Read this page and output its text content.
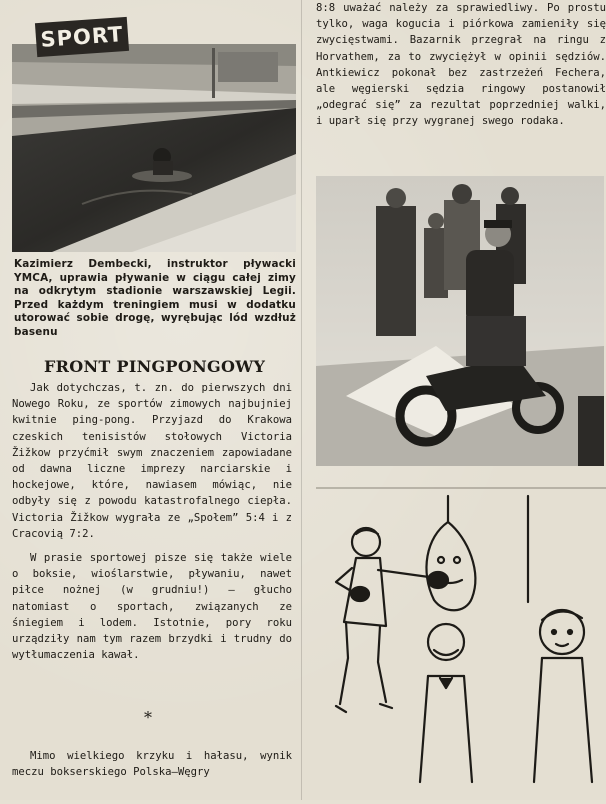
SPORT
Kazimierz Dembecki, instruktor pływacki YMCA, uprawia pływanie w ciągu całej zimy na odkrytym stadionie warszawskiej Legii. Przed każdym treningiem musi w dodatku utorować sobie drogę, wyrębując lód wzdłuż basenu
FRONT PINGPONGOWY

Jak dotychczas, t. zn. do pierwszych dni Nowego Roku, ze sportów zimowych najbujniej kwitnie ping-pong. Przyjazd do Krakowa czeskich tenisistów stołowych Victoria Žižkow przyćmił swym znaczeniem zapowiadane od dawna liczne imprezy narciarskie i hockejowe, które, nawiasem mówiąc, nie odbyły się z powodu katastrofalnego ciepła. Victoria Žižkow wygrała ze „Społem” 5:4 i z Cracovią 7:2.

W prasie sportowej pisze się także wiele o boksie, wioślarstwie, pływaniu, nawet piłce nożnej (w grudniu!) — głucho natomiast o sportach, związanych ze śniegiem i lodem. Istotnie, pory roku urządziły nam tym razem brzydki i trudny do wytłumaczenia kawał.

*

Mimo wielkiego krzyku i hałasu, wynik meczu bokserskiego Polska—Węgry

8:8 uważać należy za sprawiedliwy. Po prostu tylko, waga kogucia i piórkowa zamieniły się zwycięstwami. Bazarnik przegrał na ringu z Horvathem, za to zwyciężył w opinii sędziów. Antkiewicz pokonał bez zastrzeżeń Fechera, ale węgierski sędzia ringowy postanowił „odegrać się” za rezultat poprzedniej walki, i uparł się przy wygranej swego rodaka.
